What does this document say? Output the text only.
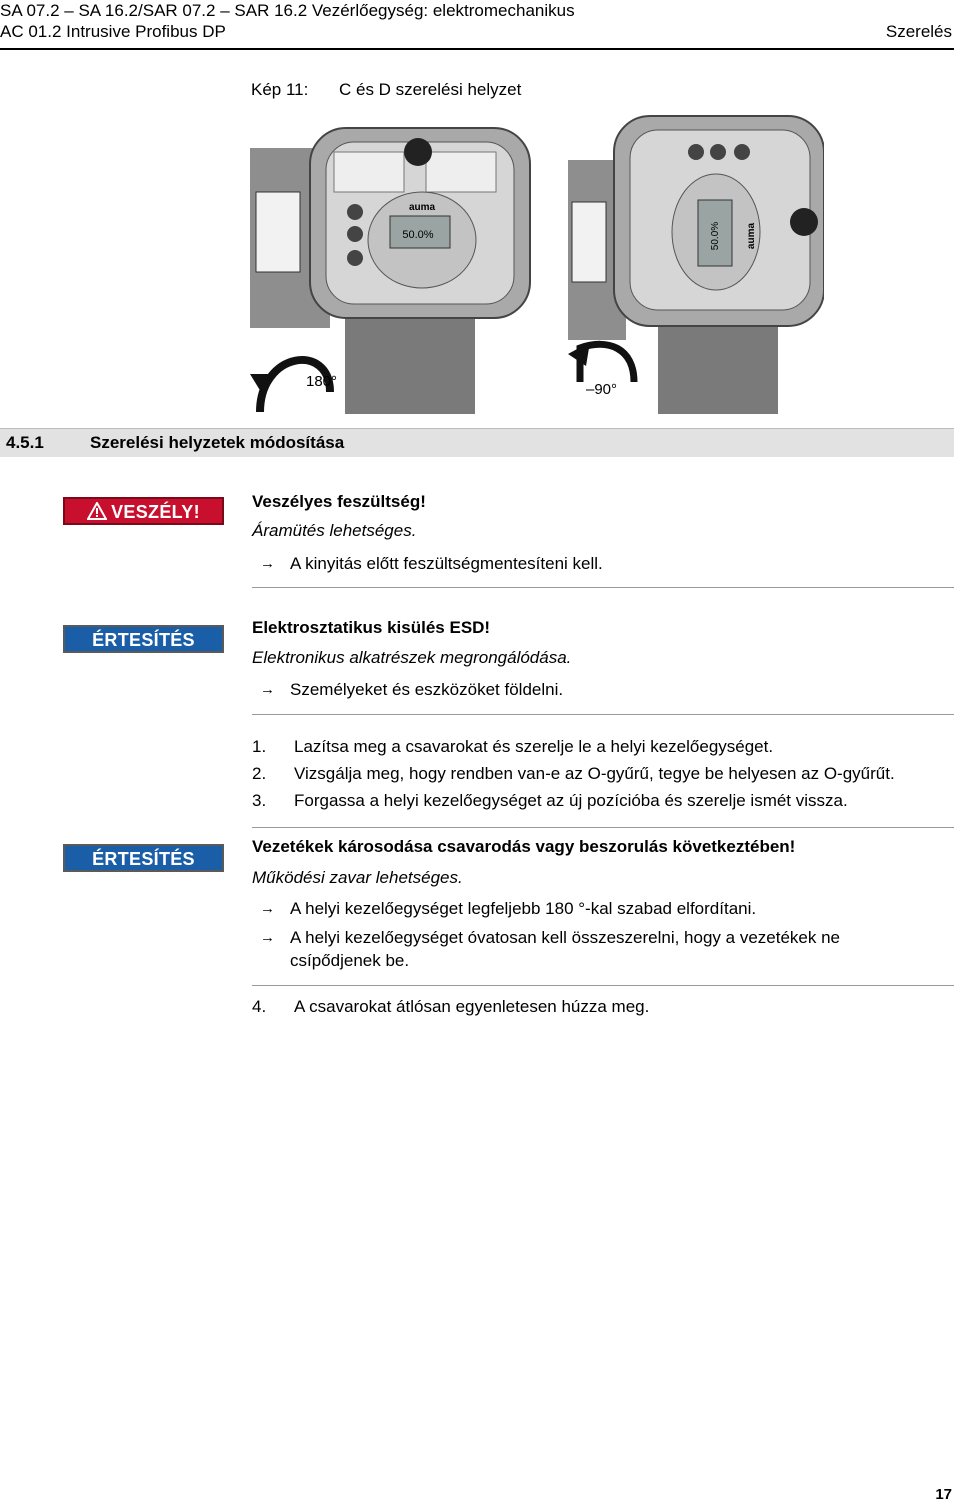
SA 07.2 – SA 16.2/SAR 07.2 – SAR 16.2 Vezérlőegység: elektromechanikus
AC 01.2 Intrusive Profibus DP	Szerelés
Kép 11: C és D szerelési helyzet
50.0%
auma
180°
50.0%	auma
–90°
4.5.1	Szerelési helyzetek módosítása
VESZÉLY!
Veszélyes feszültség!
Áramütés lehetséges.
→ A kinyitás előtt feszültségmentesíteni kell.
ÉRTESÍTÉS
Elektrosztatikus kisülés ESD!
Elektronikus alkatrészek megrongálódása.
→ Személyeket és eszközöket földelni.
1. Lazítsa meg a csavarokat és szerelje le a helyi kezelőegységet.
2. Vizsgálja meg, hogy rendben van-e az O-gyűrű, tegye be helyesen az O-gyűrűt.
3. Forgassa a helyi kezelőegységet az új pozícióba és szerelje ismét vissza.
ÉRTESÍTÉS
Vezetékek károsodása csavarodás vagy beszorulás következtében!
Működési zavar lehetséges.
→ A helyi kezelőegységet legfeljebb 180 °-kal szabad elfordítani.
→ A helyi kezelőegységet óvatosan kell összeszerelni, hogy a vezetékek ne
csípődjenek be.
4. A csavarokat átlósan egyenletesen húzza meg.
17
